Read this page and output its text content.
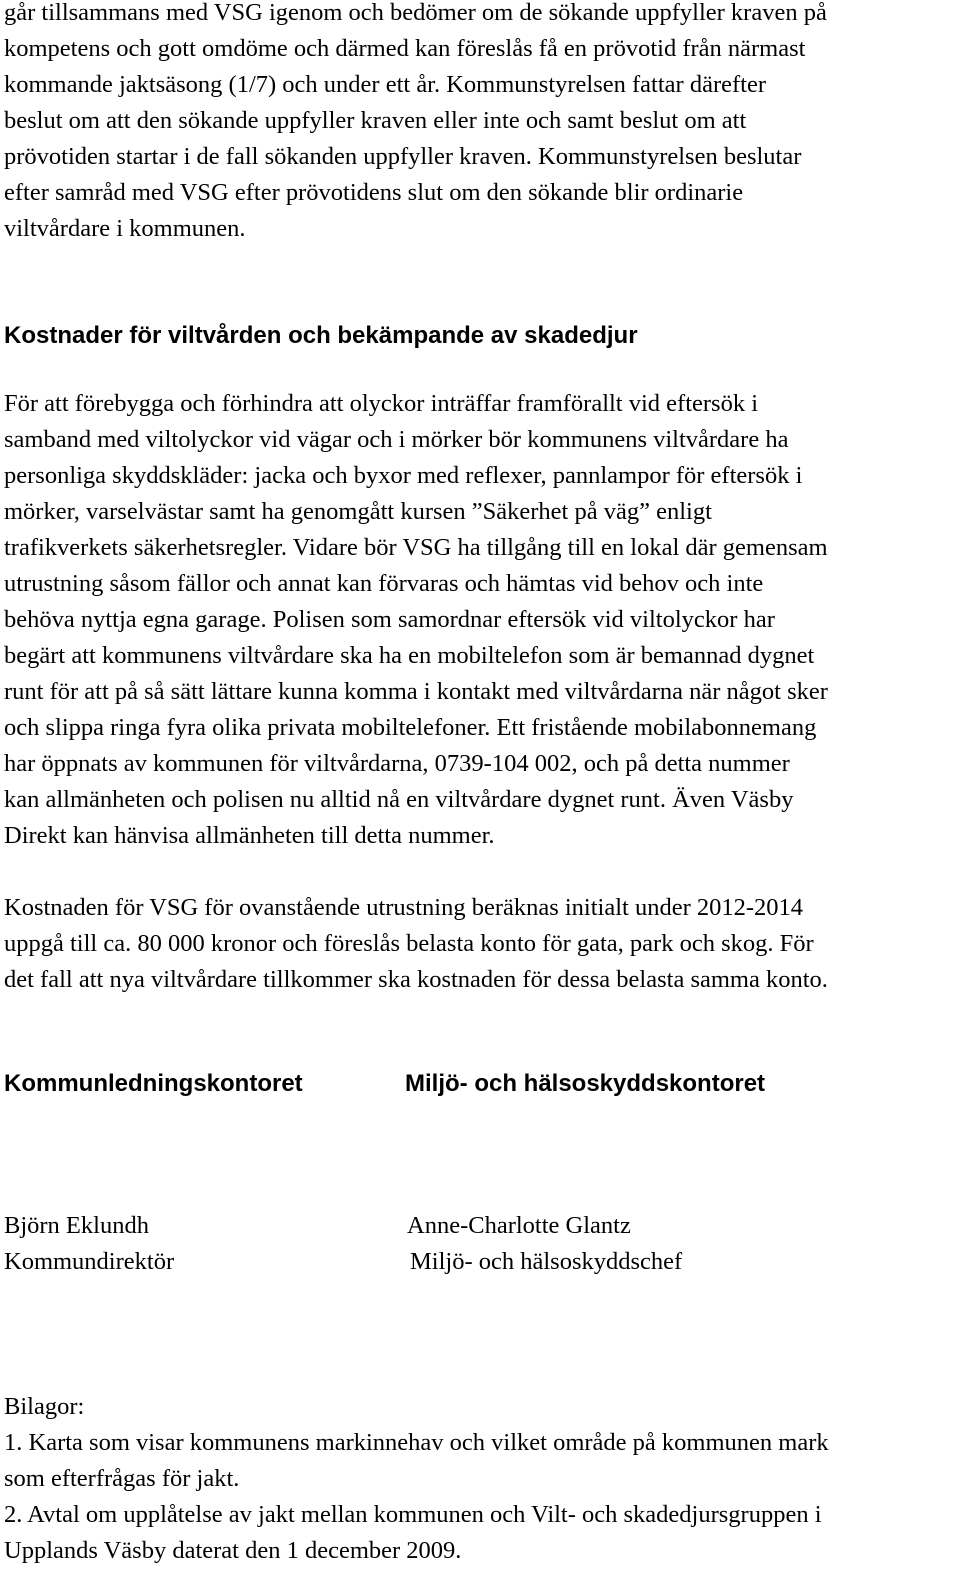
går tillsammans med VSG igenom och bedömer om de sökande uppfyller kraven på
kompetens och gott omdöme och därmed kan föreslås få en prövotid från närmast
kommande jaktsäsong (1/7) och under ett år. Kommunstyrelsen fattar därefter
beslut om att den sökande uppfyller kraven eller inte och samt beslut om att
prövotiden startar i de fall sökanden uppfyller kraven. Kommunstyrelsen beslutar
efter samråd med VSG efter prövotidens slut om den sökande blir ordinarie
viltvårdare i kommunen.

Kostnader för viltvården och bekämpande av skadedjur

För att förebygga och förhindra att olyckor inträffar framförallt vid eftersök i
samband med viltolyckor vid vägar och i mörker bör kommunens viltvårdare ha
personliga skyddskläder: jacka och byxor med reflexer, pannlampor för eftersök i
mörker, varselvästar samt ha genomgått kursen ”Säkerhet på väg” enligt
trafikverkets säkerhetsregler. Vidare bör VSG ha tillgång till en lokal där gemensam
utrustning såsom fällor och annat kan förvaras och hämtas vid behov och inte
behöva nyttja egna garage. Polisen som samordnar eftersök vid viltolyckor har
begärt att kommunens viltvårdare ska ha en mobiltelefon som är bemannad dygnet
runt för att på så sätt lättare kunna komma i kontakt med viltvårdarna när något sker
och slippa ringa fyra olika privata mobiltelefoner. Ett fristående mobilabonnemang
har öppnats av kommunen för viltvårdarna, 0739-104 002, och på detta nummer
kan allmänheten och polisen nu alltid nå en viltvårdare dygnet runt. Även Väsby
Direkt kan hänvisa allmänheten till detta nummer.

Kostnaden för VSG för ovanstående utrustning beräknas initialt under 2012-2014
uppgå till ca. 80 000 kronor och föreslås belasta konto för gata, park och skog. För
det fall att nya viltvårdare tillkommer ska kostnaden för dessa belasta samma konto.

Kommunledningskontoret
Björn Eklundh
Kommundirektör
Miljö- och hälsoskyddskontoret
Anne-Charlotte Glantz
Miljö- och hälsoskyddschef
Bilagor:
1. Karta som visar kommunens markinnehav och vilket område på kommunen mark
som efterfrågas för jakt.
2. Avtal om upplåtelse av jakt mellan kommunen och Vilt- och skadedjursgruppen i
Upplands Väsby daterat den 1 december 2009.
